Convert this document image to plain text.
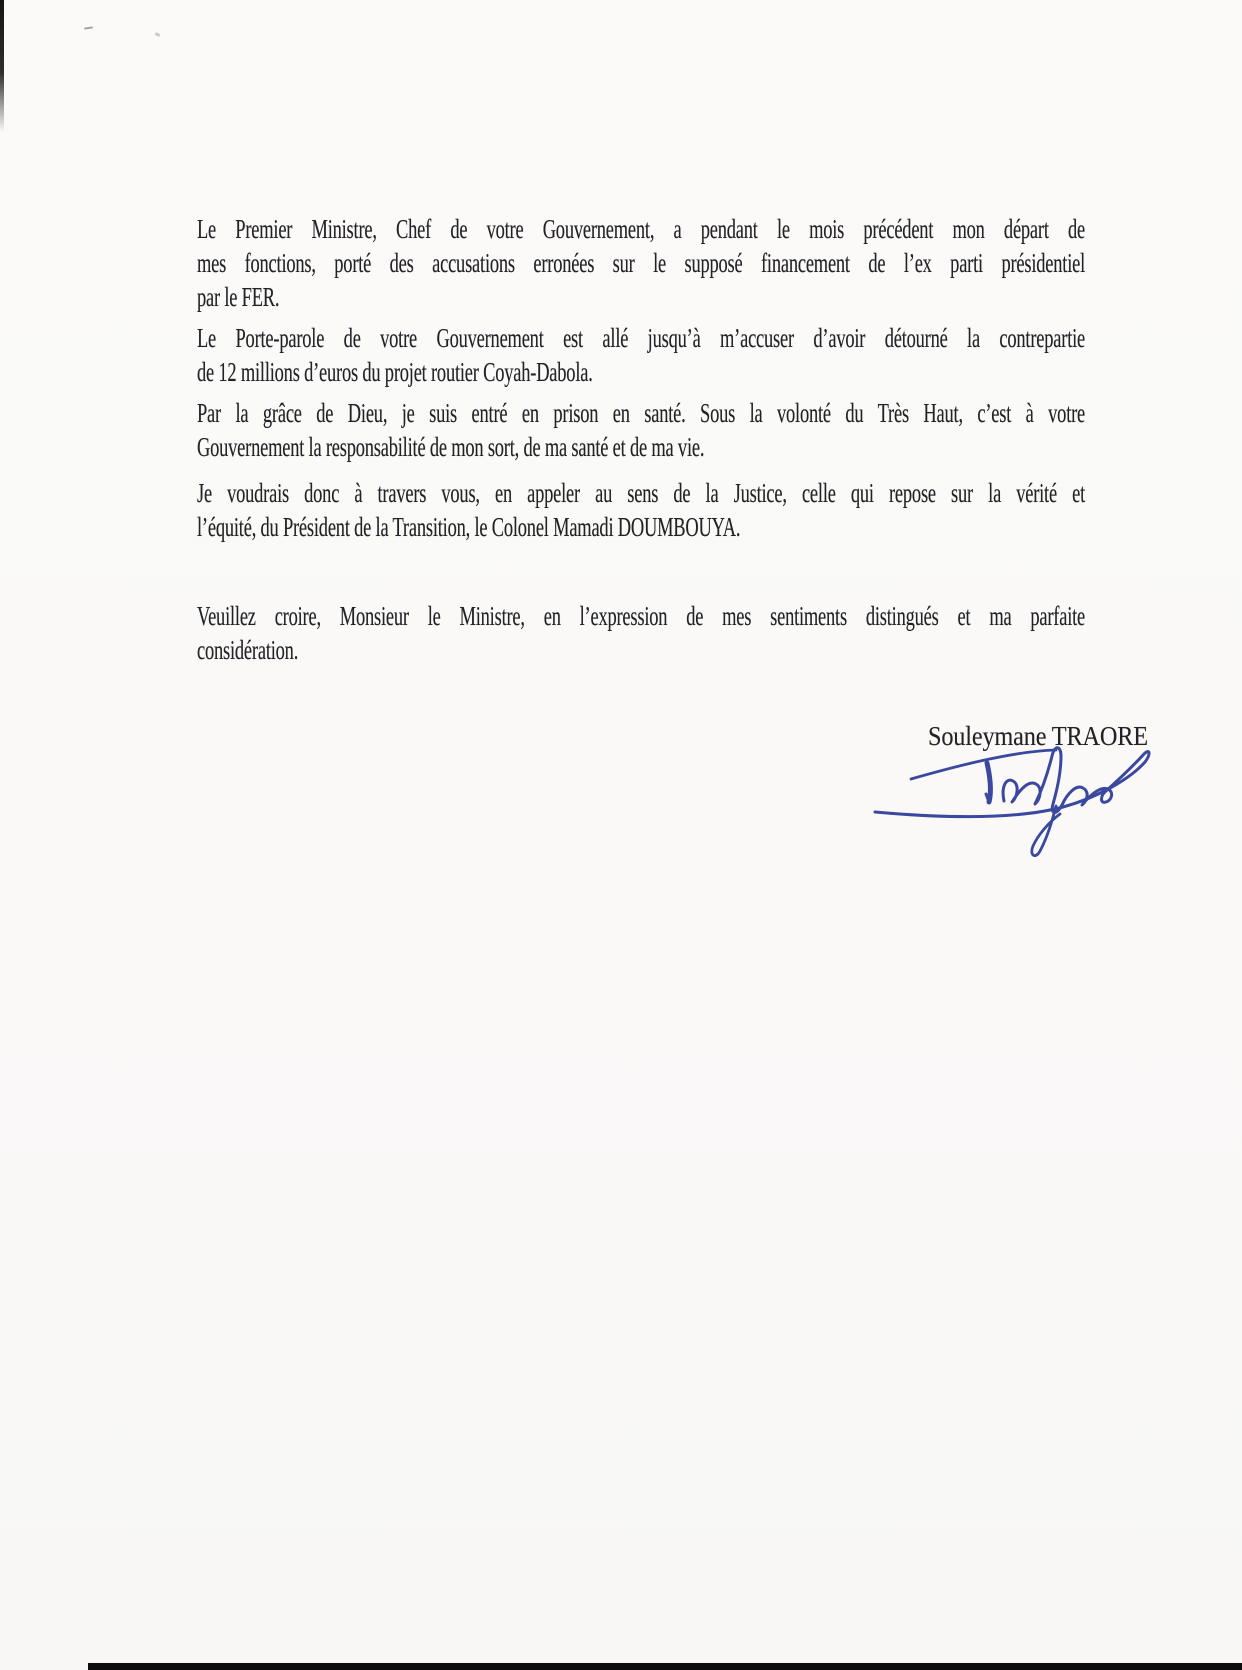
Le Premier Ministre, Chef de votre Gouvernement, a pendant le mois précédent mon départ de
mes fonctions, porté des accusations erronées sur le supposé financement de l’ex parti présidentiel
par le FER.
Le Porte-parole de votre Gouvernement est allé jusqu’à m’accuser d’avoir détourné la contrepartie
de 12 millions d’euros du projet routier Coyah-Dabola.
Par la grâce de Dieu, je suis entré en prison en santé. Sous la volonté du Très Haut, c’est à votre
Gouvernement la responsabilité de mon sort, de ma santé et de ma vie.
Je voudrais donc à travers vous, en appeler au sens de la Justice, celle qui repose sur la vérité et
l’équité, du Président de la Transition, le Colonel Mamadi DOUMBOUYA.
Veuillez croire, Monsieur le Ministre, en l’expression de mes sentiments distingués et ma parfaite
considération.
Souleymane TRAORE
